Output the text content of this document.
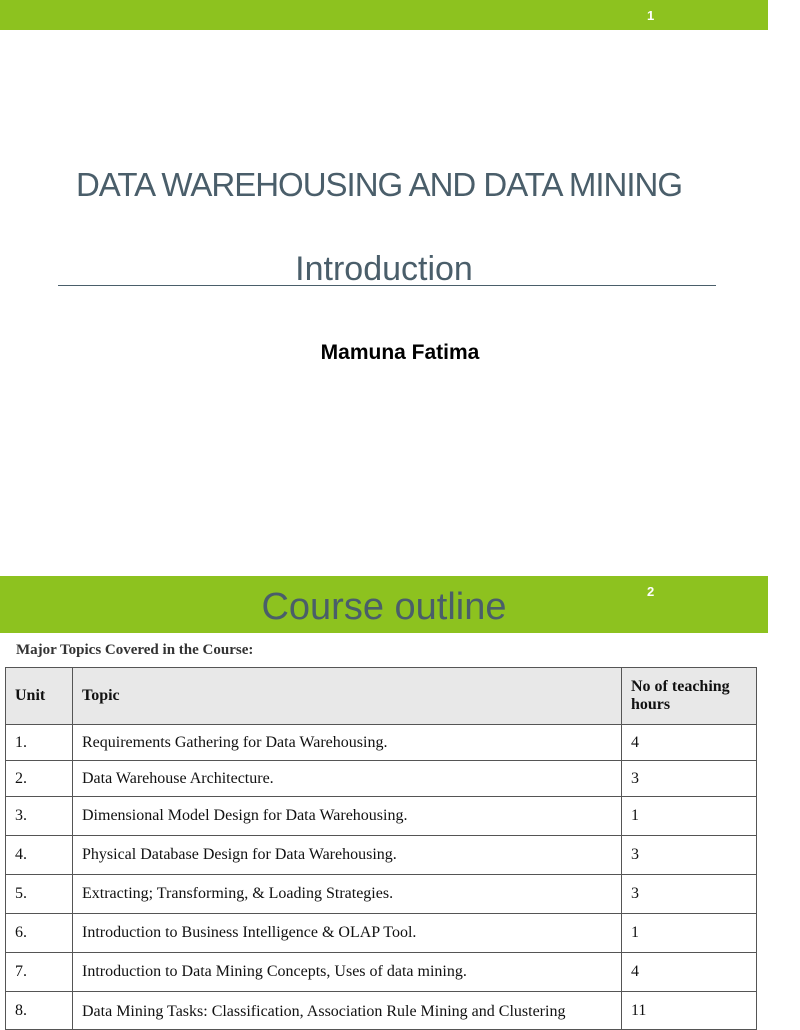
1
DATA WAREHOUSING AND DATA MINING
Introduction
Mamuna Fatima
Course outline	2
Major Topics Covered in the Course:
Unit	Topic	No of teaching hours
1.	Requirements Gathering for Data Warehousing.	4
2.	Data Warehouse Architecture.	3
3.	Dimensional Model Design for Data Warehousing.	1
4.	Physical Database Design for Data Warehousing.	3
5.	Extracting; Transforming, & Loading Strategies.	3
6.	Introduction to Business Intelligence & OLAP Tool.	1
7.	Introduction to Data Mining Concepts, Uses of data mining.	4
8.	Data Mining Tasks: Classification, Association Rule Mining and Clustering	11
